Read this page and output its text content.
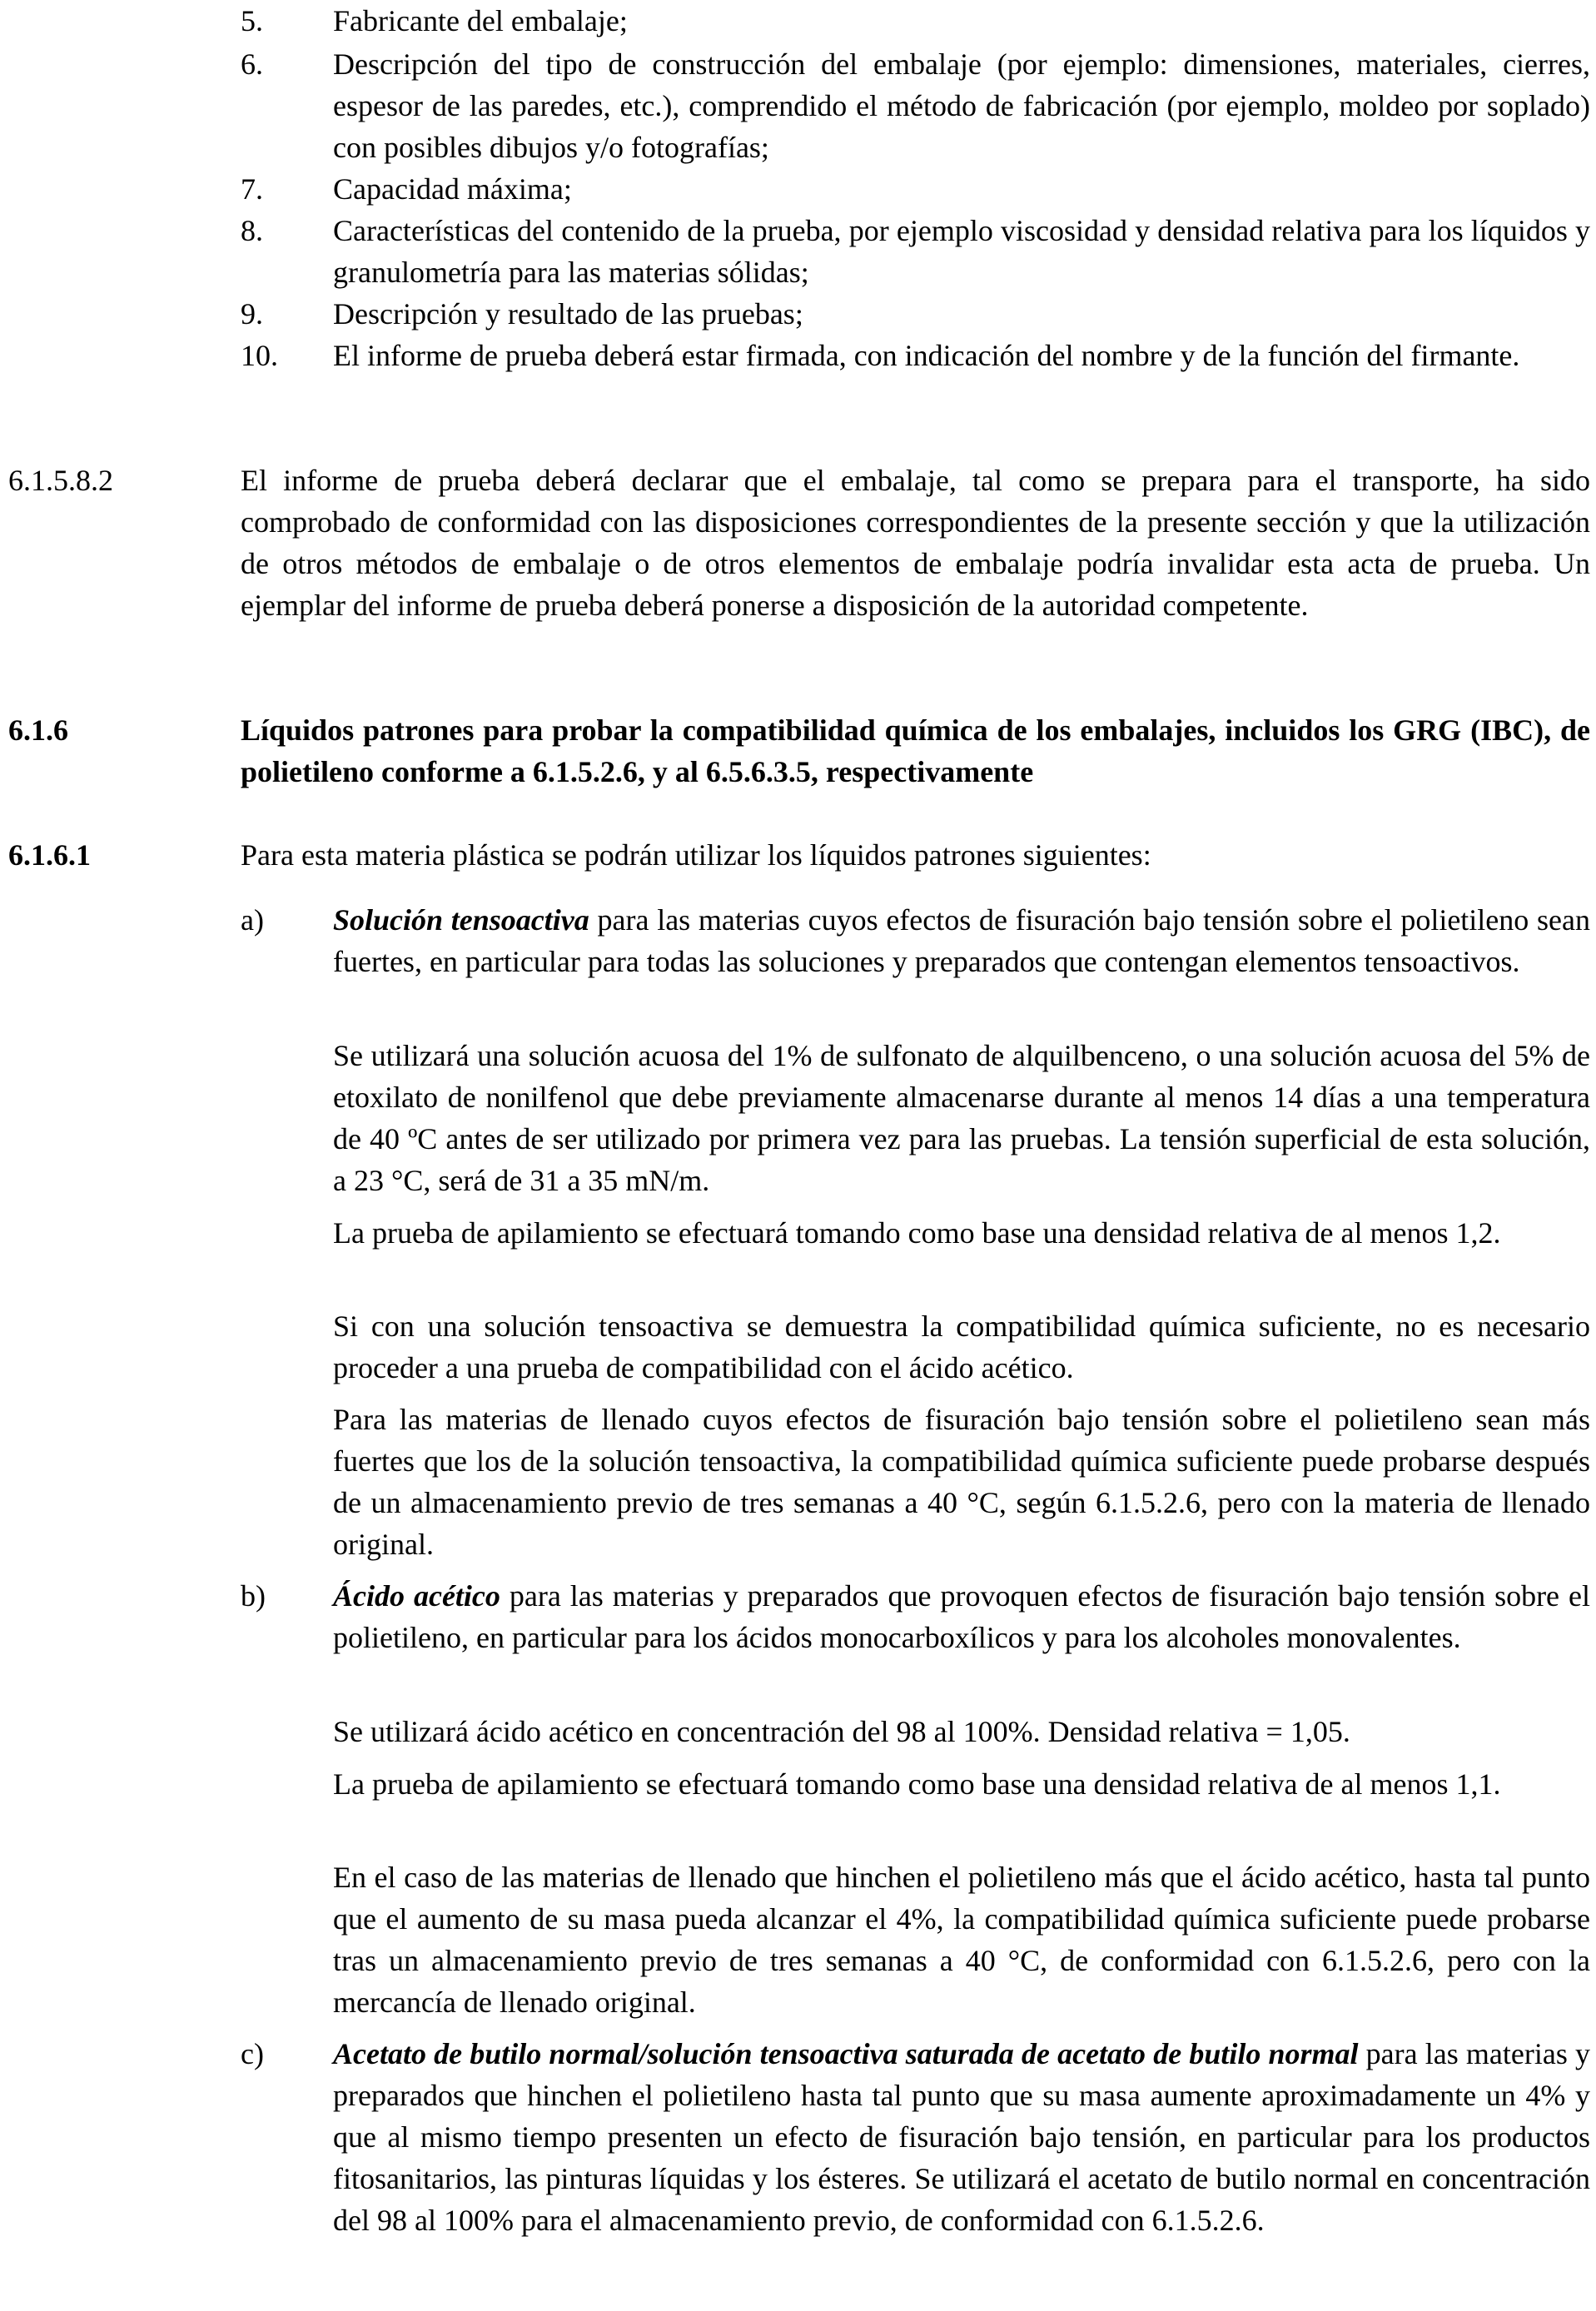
5. Fabricante del embalaje;
6. Descripción del tipo de construcción del embalaje (por ejemplo: dimensiones, materiales, cierres, espesor de las paredes, etc.), comprendido el método de fabricación (por ejemplo, moldeo por soplado) con posibles dibujos y/o fotografías;
7. Capacidad máxima;
8. Características del contenido de la prueba, por ejemplo viscosidad y densidad relativa para los líquidos y granulometría para las materias sólidas;
9. Descripción y resultado de las pruebas;
10. El informe de prueba deberá estar firmada, con indicación del nombre y de la función del firmante.
6.1.5.8.2	El informe de prueba deberá declarar que el embalaje, tal como se prepara para el transporte, ha sido comprobado de conformidad con las disposiciones correspondientes de la presente sección y que la utilización de otros métodos de embalaje o de otros elementos de embalaje podría invalidar esta acta de prueba. Un ejemplar del informe de prueba deberá ponerse a disposición de la autoridad competente.
6.1.6	Líquidos patrones para probar la compatibilidad química de los embalajes, incluidos los GRG (IBC), de polietileno conforme a 6.1.5.2.6, y al 6.5.6.3.5, respectivamente
6.1.6.1	Para esta materia plástica se podrán utilizar los líquidos patrones siguientes:
a) Solución tensoactiva para las materias cuyos efectos de fisuración bajo tensión sobre el polietileno sean fuertes, en particular para todas las soluciones y preparados que contengan elementos tensoactivos.
Se utilizará una solución acuosa del 1% de sulfonato de alquilbenceno, o una solución acuosa del 5% de etoxilato de nonilfenol que debe previamente almacenarse durante al menos 14 días a una temperatura de 40 ºC antes de ser utilizado por primera vez para las pruebas. La tensión superficial de esta solución, a 23 °C, será de 31 a 35 mN/m.
La prueba de apilamiento se efectuará tomando como base una densidad relativa de al menos 1,2.
Si con una solución tensoactiva se demuestra la compatibilidad química suficiente, no es necesario proceder a una prueba de compatibilidad con el ácido acético.
Para las materias de llenado cuyos efectos de fisuración bajo tensión sobre el polietileno sean más fuertes que los de la solución tensoactiva, la compatibilidad química suficiente puede probarse después de un almacenamiento previo de tres semanas a 40 °C, según 6.1.5.2.6, pero con la materia de llenado original.
b) Ácido acético para las materias y preparados que provoquen efectos de fisuración bajo tensión sobre el polietileno, en particular para los ácidos monocarboxílicos y para los alcoholes monovalentes.
Se utilizará ácido acético en concentración del 98 al 100%. Densidad relativa = 1,05.
La prueba de apilamiento se efectuará tomando como base una densidad relativa de al menos 1,1.
En el caso de las materias de llenado que hinchen el polietileno más que el ácido acético, hasta tal punto que el aumento de su masa pueda alcanzar el 4%, la compatibilidad química suficiente puede probarse tras un almacenamiento previo de tres semanas a 40 °C, de conformidad con 6.1.5.2.6, pero con la mercancía de llenado original.
c) Acetato de butilo normal/solución tensoactiva saturada de acetato de butilo normal para las materias y preparados que hinchen el polietileno hasta tal punto que su masa aumente aproximadamente un 4% y que al mismo tiempo presenten un efecto de fisuración bajo tensión, en particular para los productos fitosanitarios, las pinturas líquidas y los ésteres. Se utilizará el acetato de butilo normal en concentración del 98 al 100% para el almacenamiento previo, de conformidad con 6.1.5.2.6.
